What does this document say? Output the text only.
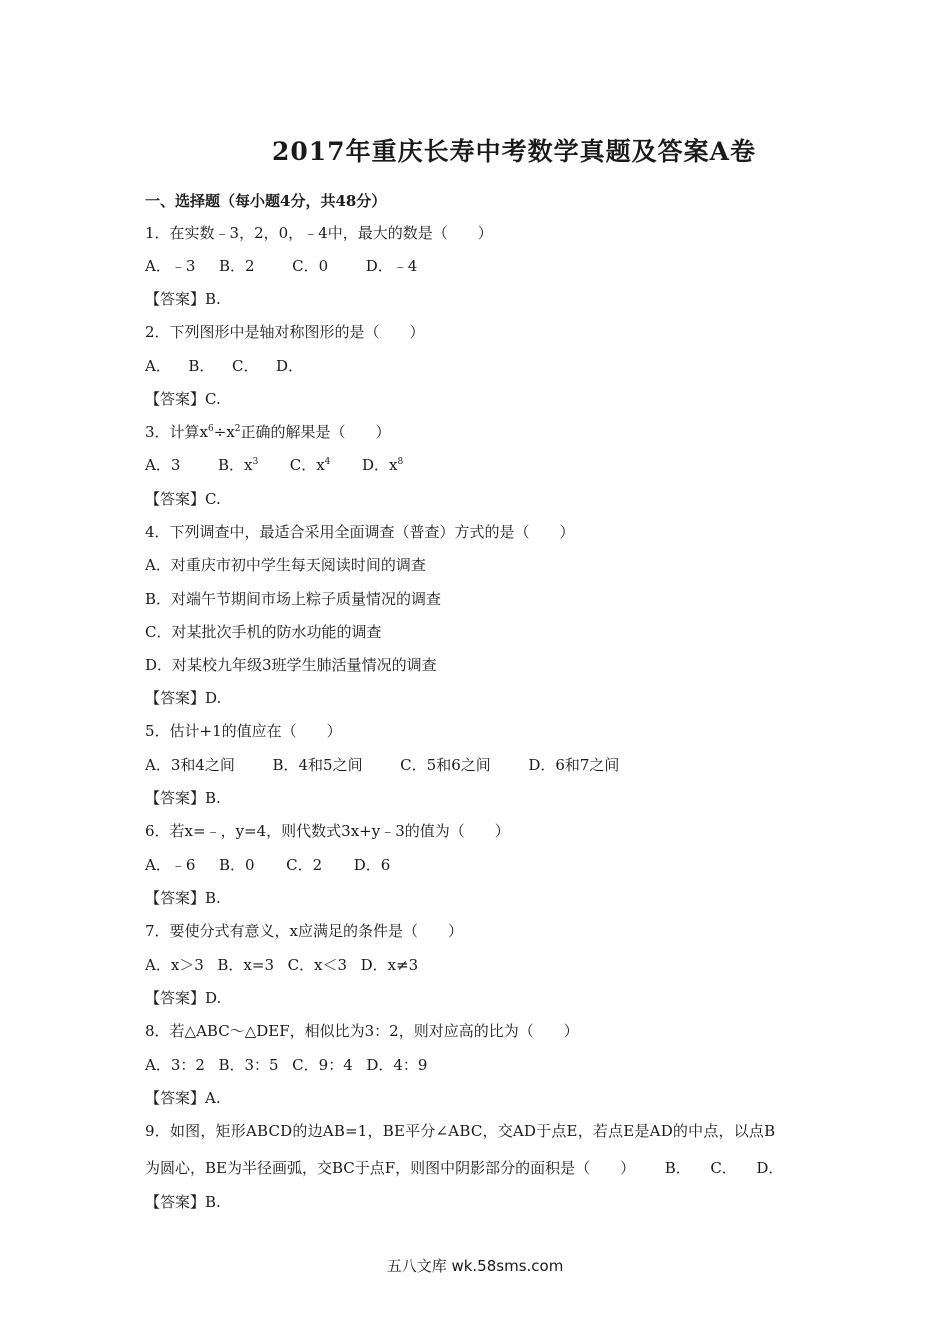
2017年重庆长寿中考数学真题及答案A卷
一、选择题（每小题4分，共48分）
1．在实数﹣3，2，0，﹣4中，最大的数是（　　）
A．﹣3 B．2	C．0	D．﹣4
【答案】B.
2．下列图形中是轴对称图形的是（　　）
A． B． C． D．
【答案】C.
3．计算$x^6\div x^2$正确的解果是（　　）
A．3	B．$x^3$ C．$x^4$ D．$x^8$
【答案】C.
4．下列调查中，最适合采用全面调查（普查）方式的是（　　）
A．对重庆市初中学生每天阅读时间的调查
B．对端午节期间市场上粽子质量情况的调查
C．对某批次手机的防水功能的调查
D．对某校九年级3班学生肺活量情况的调查
【答案】D.
5．估计+1的值应在（　　）
A．3和4之间	B．4和5之间	C．5和6之间	D．6和7之间
【答案】B.
6．若x=﹣，y=4，则代数式3x+y﹣3的值为（　　）
A．﹣6 B．0 C．2 D．6
【答案】B.
7．要使分式有意义，x应满足的条件是（　　）
A．x＞3 B．x=3 C．x＜3 D．x≠3
【答案】D.
8．若△ABC～△DEF，相似比为3：2，则对应高的比为（　　）
A．3：2 B．3：5 C．9：4 D．4：9
【答案】A.
9．如图，矩形ABCD的边AB=1，BE平分∠ABC，交AD于点E，若点E是AD的中点，以点B
为圆心，BE为半径画弧，交BC于点F，则图中阴影部分的面积是（　　） B． C． D．
【答案】B.
五八文库 wk.58sms.com
